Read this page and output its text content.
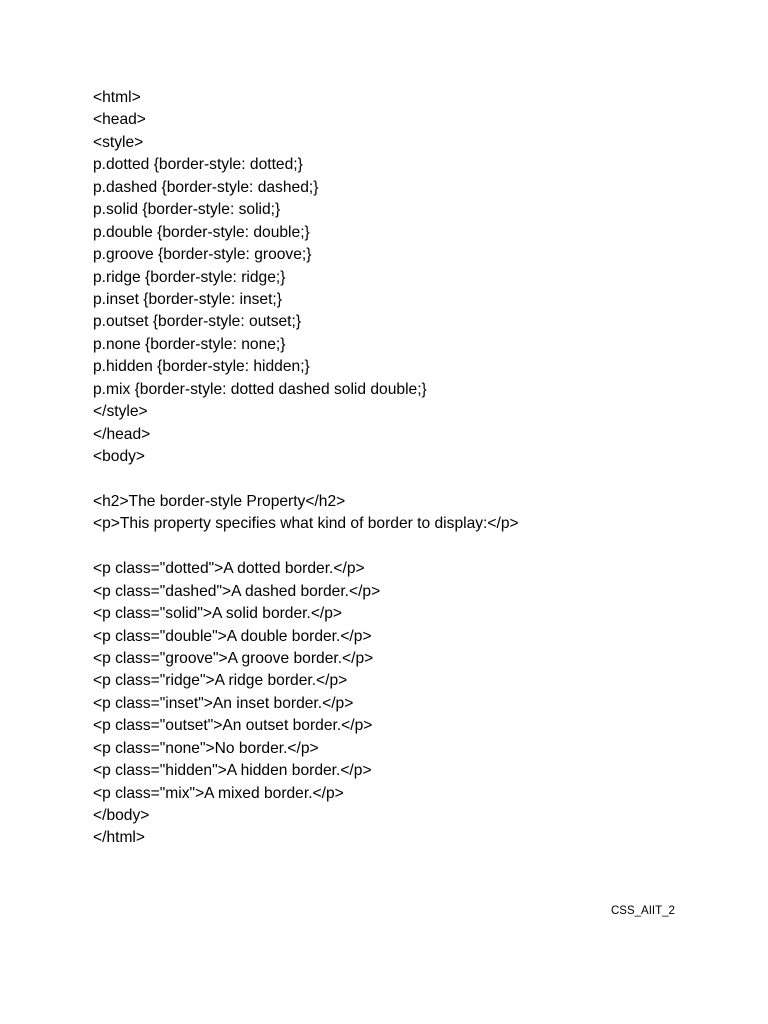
<html>
<head>
<style>
p.dotted {border-style: dotted;}
p.dashed {border-style: dashed;}
p.solid {border-style: solid;}
p.double {border-style: double;}
p.groove {border-style: groove;}
p.ridge {border-style: ridge;}
p.inset {border-style: inset;}
p.outset {border-style: outset;}
p.none {border-style: none;}
p.hidden {border-style: hidden;}
p.mix {border-style: dotted dashed solid double;}
</style>
</head>
<body>
<h2>The border-style Property</h2>
<p>This property specifies what kind of border to display:</p>
<p class="dotted">A dotted border.</p>
<p class="dashed">A dashed border.</p>
<p class="solid">A solid border.</p>
<p class="double">A double border.</p>
<p class="groove">A groove border.</p>
<p class="ridge">A ridge border.</p>
<p class="inset">An inset border.</p>
<p class="outset">An outset border.</p>
<p class="none">No border.</p>
<p class="hidden">A hidden border.</p>
<p class="mix">A mixed border.</p>
</body>
</html>
CSS_AIIT_2
